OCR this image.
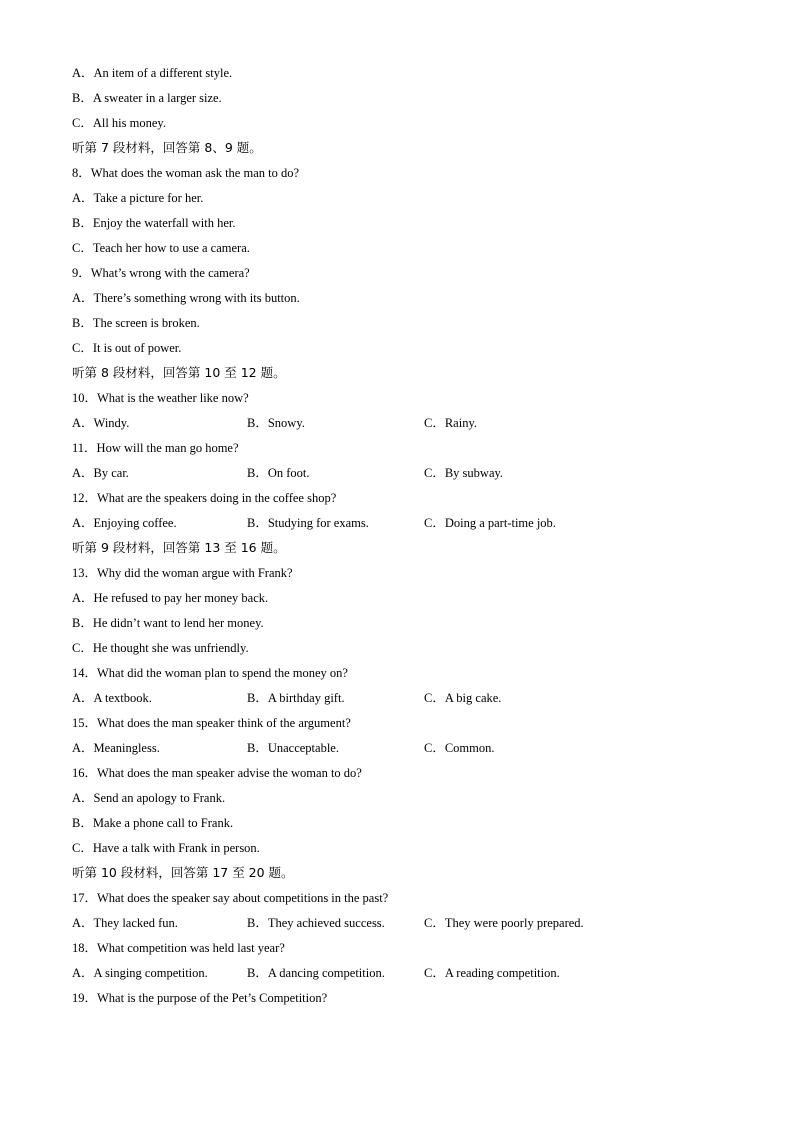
A．An item of a different style.
B．A sweater in a larger size.
C．All his money.
听第 7 段材料，回答第 8、9 题。
8．What does the woman ask the man to do?
A．Take a picture for her.
B．Enjoy the waterfall with her.
C．Teach her how to use a camera.
9．What’s wrong with the camera?
A．There’s something wrong with its button.
B．The screen is broken.
C．It is out of power.
听第 8 段材料，回答第 10 至 12 题。
10．What is the weather like now?
A．Windy.	B．Snowy.	C．Rainy.
11．How will the man go home?
A．By car.	B．On foot.	C．By subway.
12．What are the speakers doing in the coffee shop?
A．Enjoying coffee.	B．Studying for exams.	C．Doing a part-time job.
听第 9 段材料，回答第 13 至 16 题。
13．Why did the woman argue with Frank?
A．He refused to pay her money back.
B．He didn’t want to lend her money.
C．He thought she was unfriendly.
14．What did the woman plan to spend the money on?
A．A textbook.	B．A birthday gift.	C．A big cake.
15．What does the man speaker think of the argument?
A．Meaningless.	B．Unacceptable.	C．Common.
16．What does the man speaker advise the woman to do?
A．Send an apology to Frank.
B．Make a phone call to Frank.
C．Have a talk with Frank in person.
听第 10 段材料，回答第 17 至 20 题。
17．What does the speaker say about competitions in the past?
A．They lacked fun.	B．They achieved success.	C．They were poorly prepared.
18．What competition was held last year?
A．A singing competition.	B．A dancing competition.	C．A reading competition.
19．What is the purpose of the Pet’s Competition?
